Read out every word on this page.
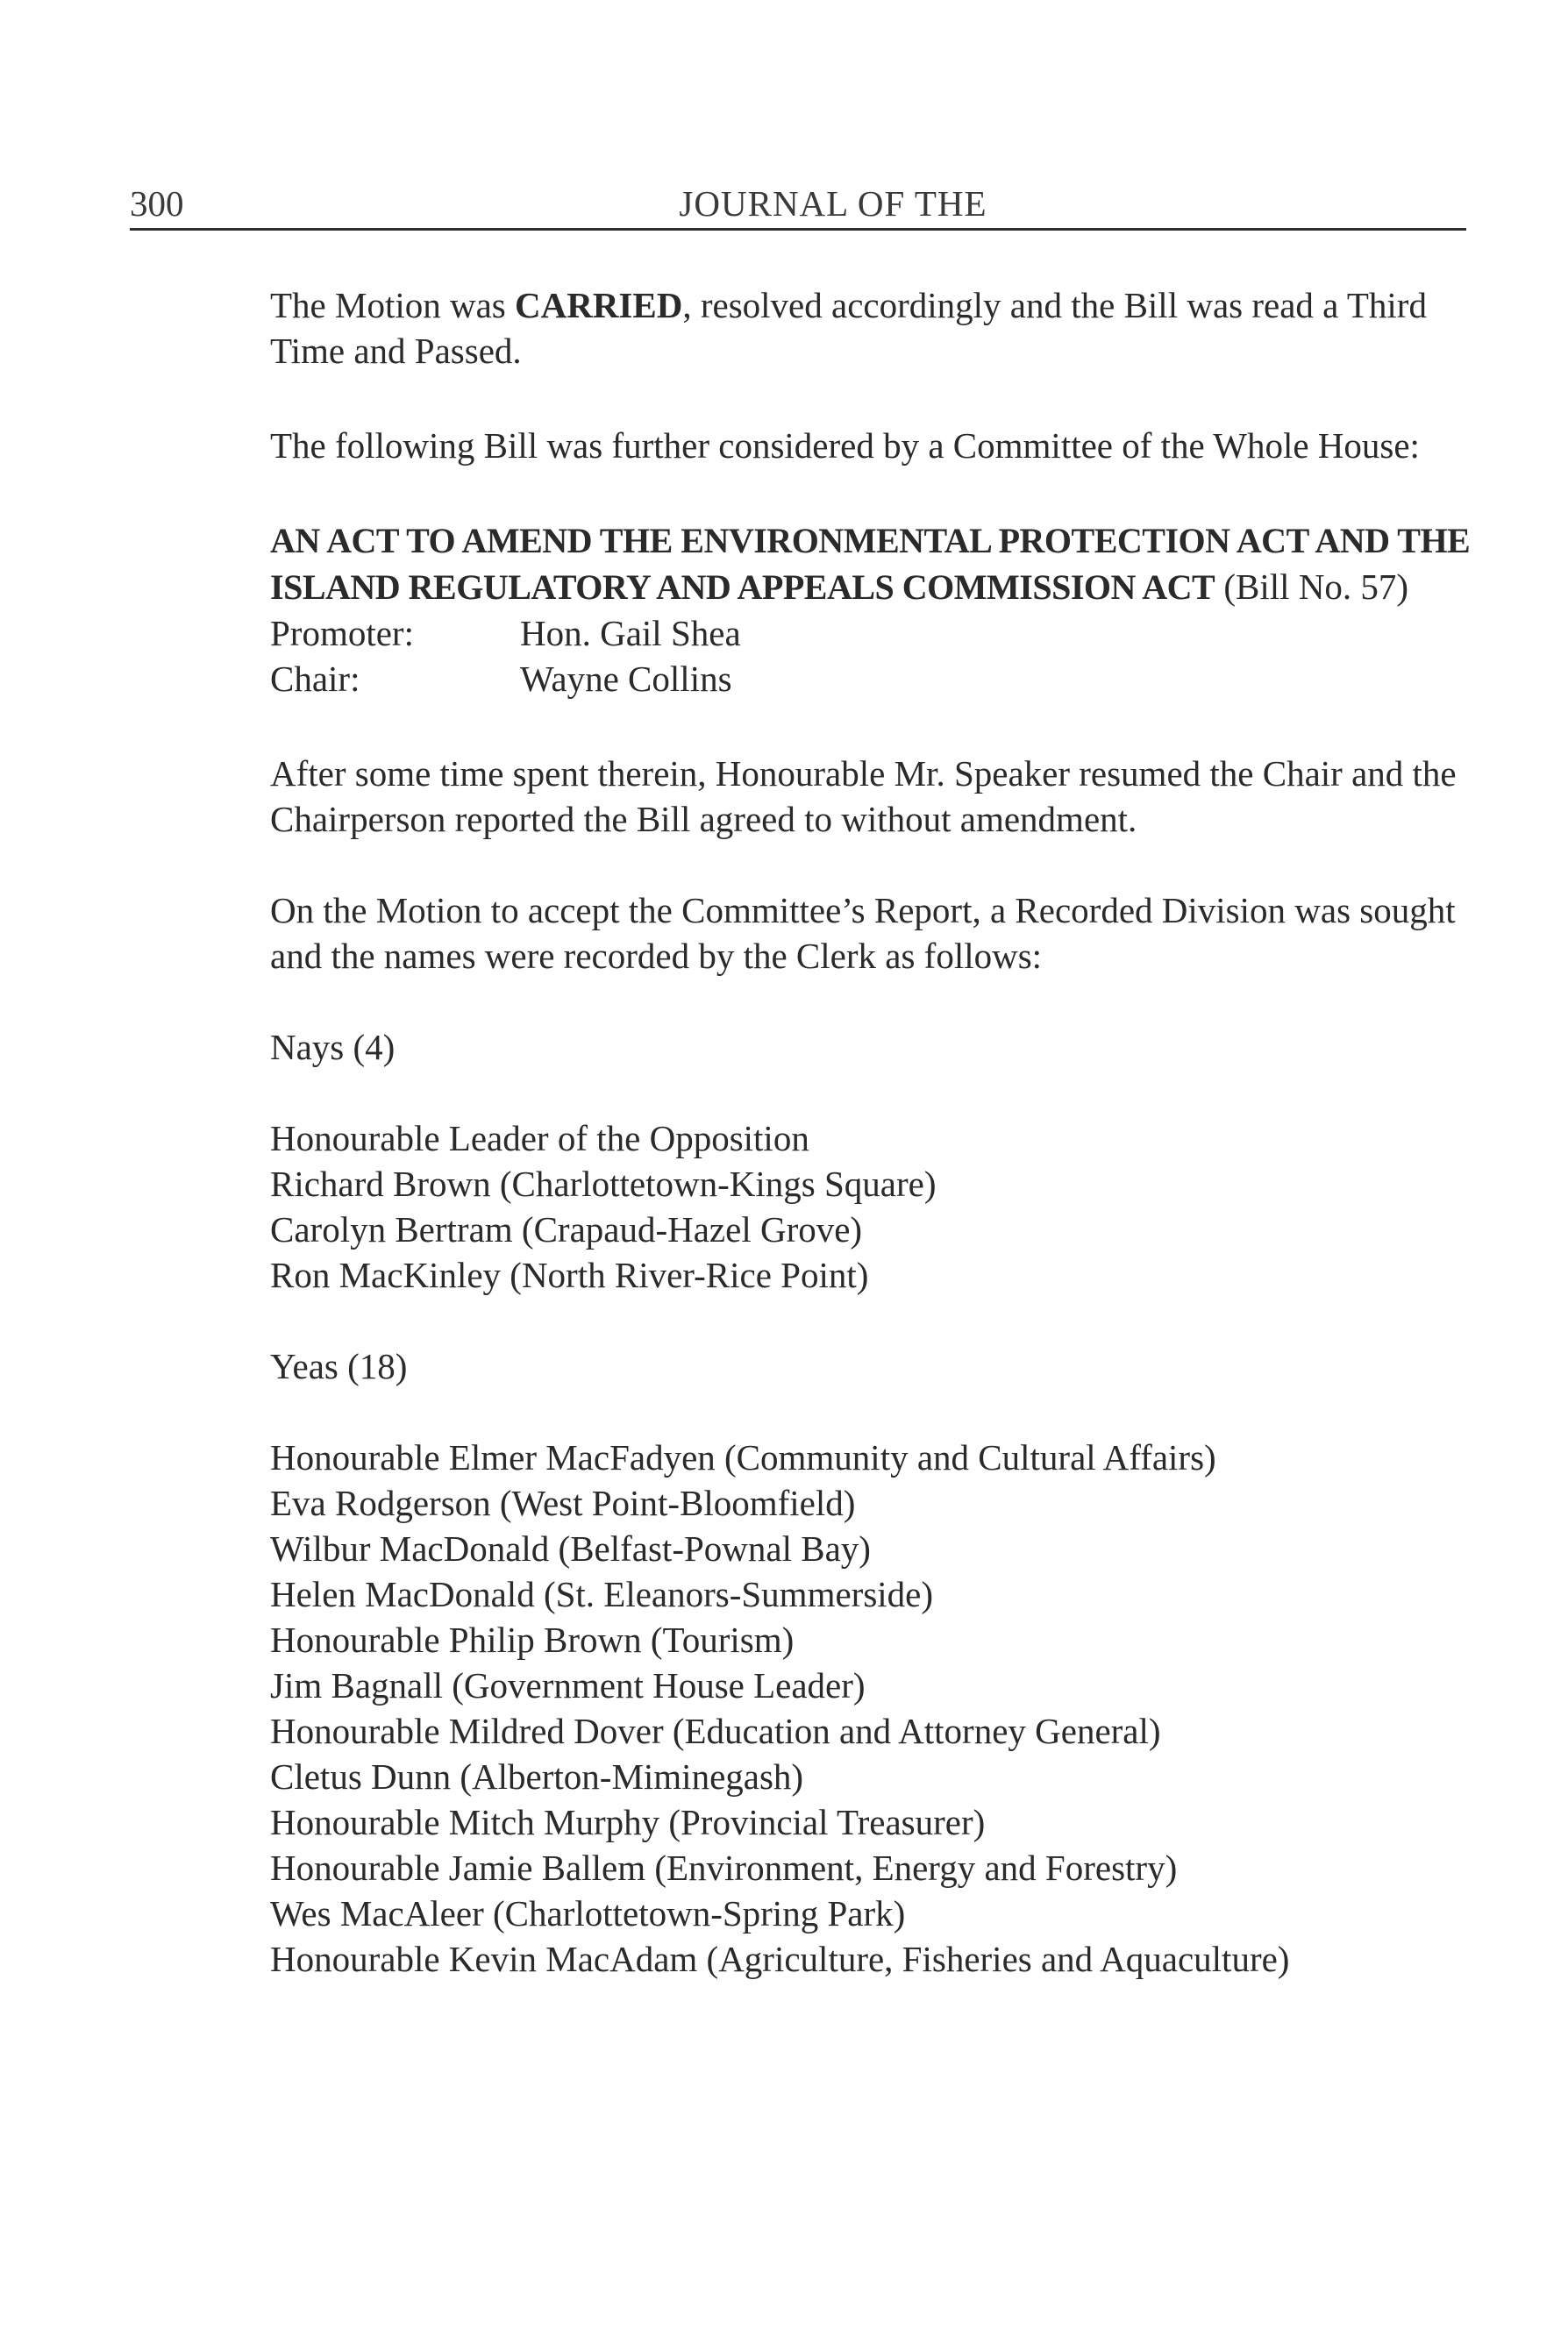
300	JOURNAL OF THE

The Motion was CARRIED, resolved accordingly and the Bill was read a Third Time and Passed.

The following Bill was further considered by a Committee of the Whole House:

AN ACT TO AMEND THE ENVIRONMENTAL PROTECTION ACT AND THE ISLAND REGULATORY AND APPEALS COMMISSION ACT (Bill No. 57)

Promoter:	Hon. Gail Shea
Chair:	Wayne Collins

After some time spent therein, Honourable Mr. Speaker resumed the Chair and the Chairperson reported the Bill agreed to without amendment.

On the Motion to accept the Committee’s Report, a Recorded Division was sought and the names were recorded by the Clerk as follows:

Nays (4)

Honourable Leader of the Opposition

Richard Brown (Charlottetown-Kings Square)

Carolyn Bertram (Crapaud-Hazel Grove)

Ron MacKinley (North River-Rice Point)

Yeas (18)

Honourable Elmer MacFadyen (Community and Cultural Affairs)

Eva Rodgerson (West Point-Bloomfield)

Wilbur MacDonald (Belfast-Pownal Bay)

Helen MacDonald (St. Eleanors-Summerside)

Honourable Philip Brown (Tourism)

Jim Bagnall (Government House Leader)

Honourable Mildred Dover (Education and Attorney General)

Cletus Dunn (Alberton-Miminegash)

Honourable Mitch Murphy (Provincial Treasurer)

Honourable Jamie Ballem (Environment, Energy and Forestry)

Wes MacAleer (Charlottetown-Spring Park)

Honourable Kevin MacAdam (Agriculture, Fisheries and Aquaculture)
